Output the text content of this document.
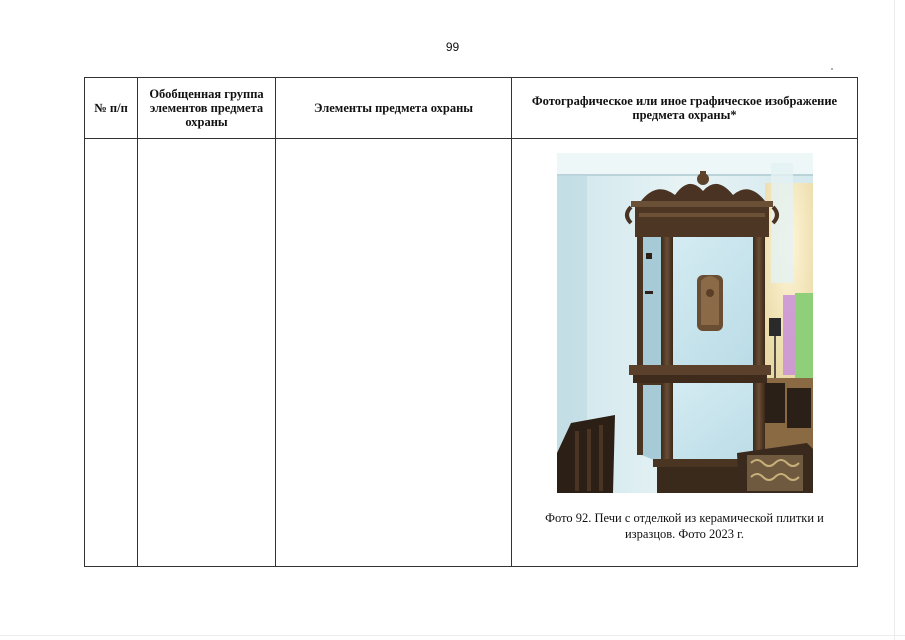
99
№ п/п	Обобщенная группа элементов предмета охраны	Элементы предмета охраны	Фотографическое или иное графическое изображение предмета охраны*

			Фото 92. Печи с отделкой из керамической плитки и изразцов. Фото 2023 г.
